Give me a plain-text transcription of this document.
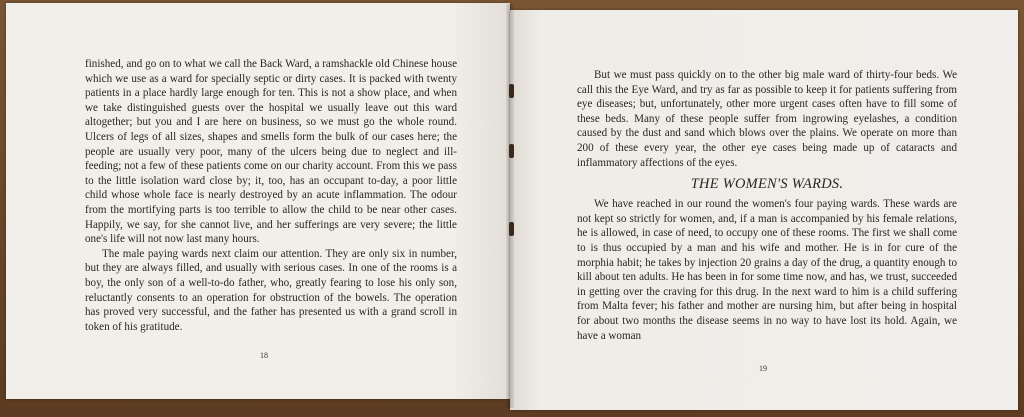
finished, and go on to what we call the Back Ward, a ramshackle old Chinese house which we use as a ward for specially septic or dirty cases. It is packed with twenty patients in a place hardly large enough for ten. This is not a show place, and when we take distinguished guests over the hospital we usually leave out this ward altogether; but you and I are here on business, so we must go the whole round. Ulcers of legs of all sizes, shapes and smells form the bulk of our cases here; the people are usually very poor, many of the ulcers being due to neglect and ill-feeding; not a few of these patients come on our charity account. From this we pass to the little isolation ward close by; it, too, has an occupant to-day, a poor little child whose whole face is nearly destroyed by an acute inflammation. The odour from the mortifying parts is too terrible to allow the child to be near other cases. Happily, we say, for she cannot live, and her sufferings are very severe; the little one's life will not now last many hours.

The male paying wards next claim our attention. They are only six in number, but they are always filled, and usually with serious cases. In one of the rooms is a boy, the only son of a well-to-do father, who, greatly fearing to lose his only son, reluctantly consents to an operation for obstruction of the bowels. The operation has proved very successful, and the father has presented us with a grand scroll in token of his gratitude.

18

But we must pass quickly on to the other big male ward of thirty-four beds. We call this the Eye Ward, and try as far as possible to keep it for patients suffering from eye diseases; but, unfortunately, other more urgent cases often have to fill some of these beds. Many of these people suffer from ingrowing eyelashes, a condition caused by the dust and sand which blows over the plains. We operate on more than 200 of these every year, the other eye cases being made up of cataracts and inflammatory affections of the eyes.

THE WOMEN'S WARDS.

We have reached in our round the women's four paying wards. These wards are not kept so strictly for women, and, if a man is accompanied by his female relations, he is allowed, in case of need, to occupy one of these rooms. The first we shall come to is thus occupied by a man and his wife and mother. He is in for cure of the morphia habit; he takes by injection 20 grains a day of the drug, a quantity enough to kill about ten adults. He has been in for some time now, and has, we trust, succeeded in getting over the craving for this drug. In the next ward to him is a child suffering from Malta fever; his father and mother are nursing him, but after being in hospital for about two months the disease seems in no way to have lost its hold. Again, we have a woman

19
